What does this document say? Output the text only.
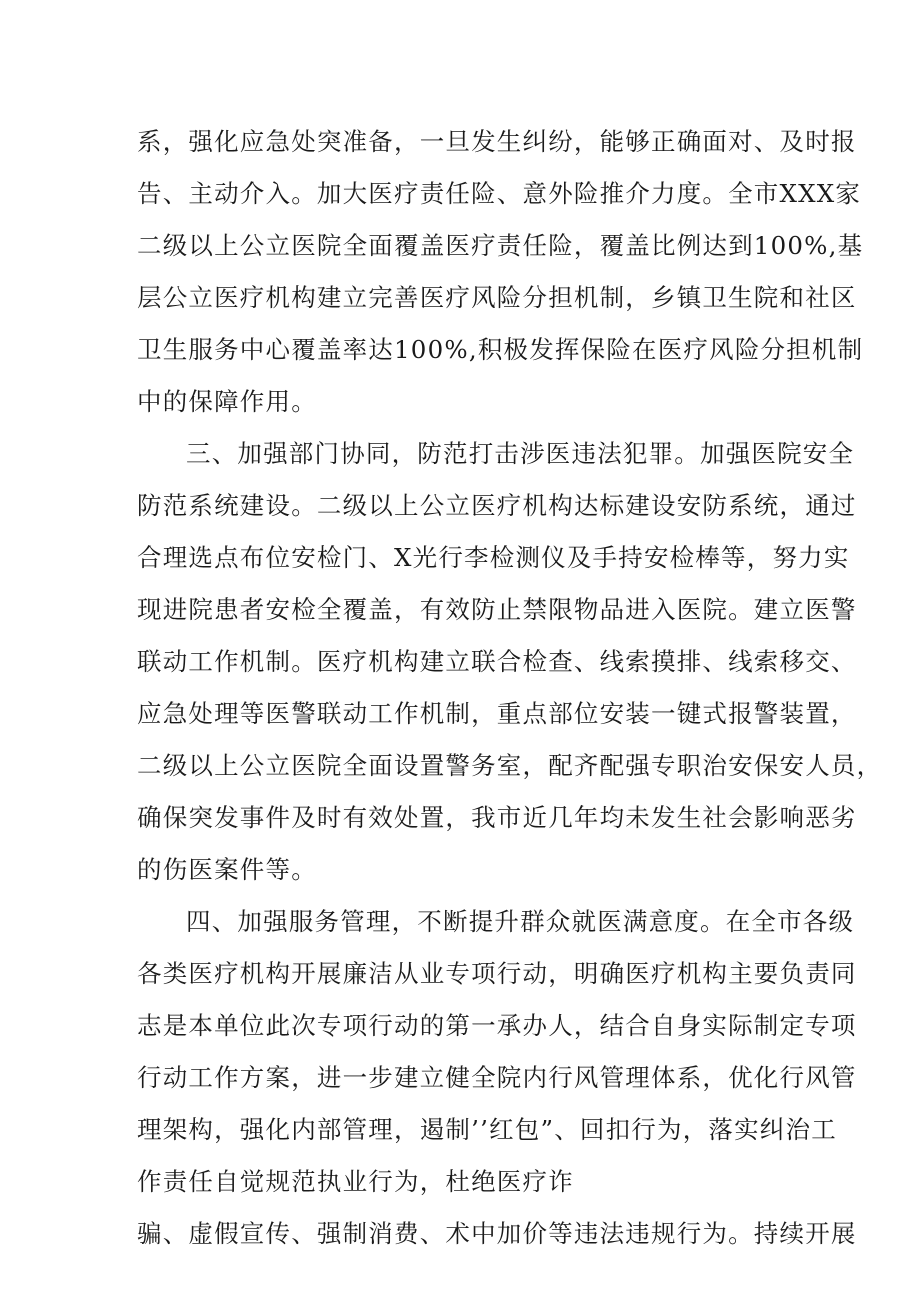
系，强化应急处突准备，一旦发生纠纷，能够正确面对、及时报
告、主动介入。加大医疗责任险、意外险推介力度。全市XXX家
二级以上公立医院全面覆盖医疗责任险，覆盖比例达到100%,基
层公立医疗机构建立完善医疗风险分担机制，乡镇卫生院和社区
卫生服务中心覆盖率达100%,积极发挥保险在医疗风险分担机制
中的保障作用。
三、加强部门协同，防范打击涉医违法犯罪。加强医院安全
防范系统建设。二级以上公立医疗机构达标建设安防系统，通过
合理选点布位安检门、X光行李检测仪及手持安检棒等，努力实
现进院患者安检全覆盖，有效防止禁限物品进入医院。建立医警
联动工作机制。医疗机构建立联合检查、线索摸排、线索移交、
应急处理等医警联动工作机制，重点部位安装一键式报警装置，
二级以上公立医院全面设置警务室，配齐配强专职治安保安人员，
确保突发事件及时有效处置，我市近几年均未发生社会影响恶劣
的伤医案件等。
四、加强服务管理，不断提升群众就医满意度。在全市各级
各类医疗机构开展廉洁从业专项行动，明确医疗机构主要负责同
志是本单位此次专项行动的第一承办人，结合自身实际制定专项
行动工作方案，进一步建立健全院内行风管理体系，优化行风管
理架构，强化内部管理，遏制’’红包”、回扣行为，落实纠治工
作责任自觉规范执业行为，杜绝医疗诈
骗、虚假宣传、强制消费、术中加价等违法违规行为。持续开展
